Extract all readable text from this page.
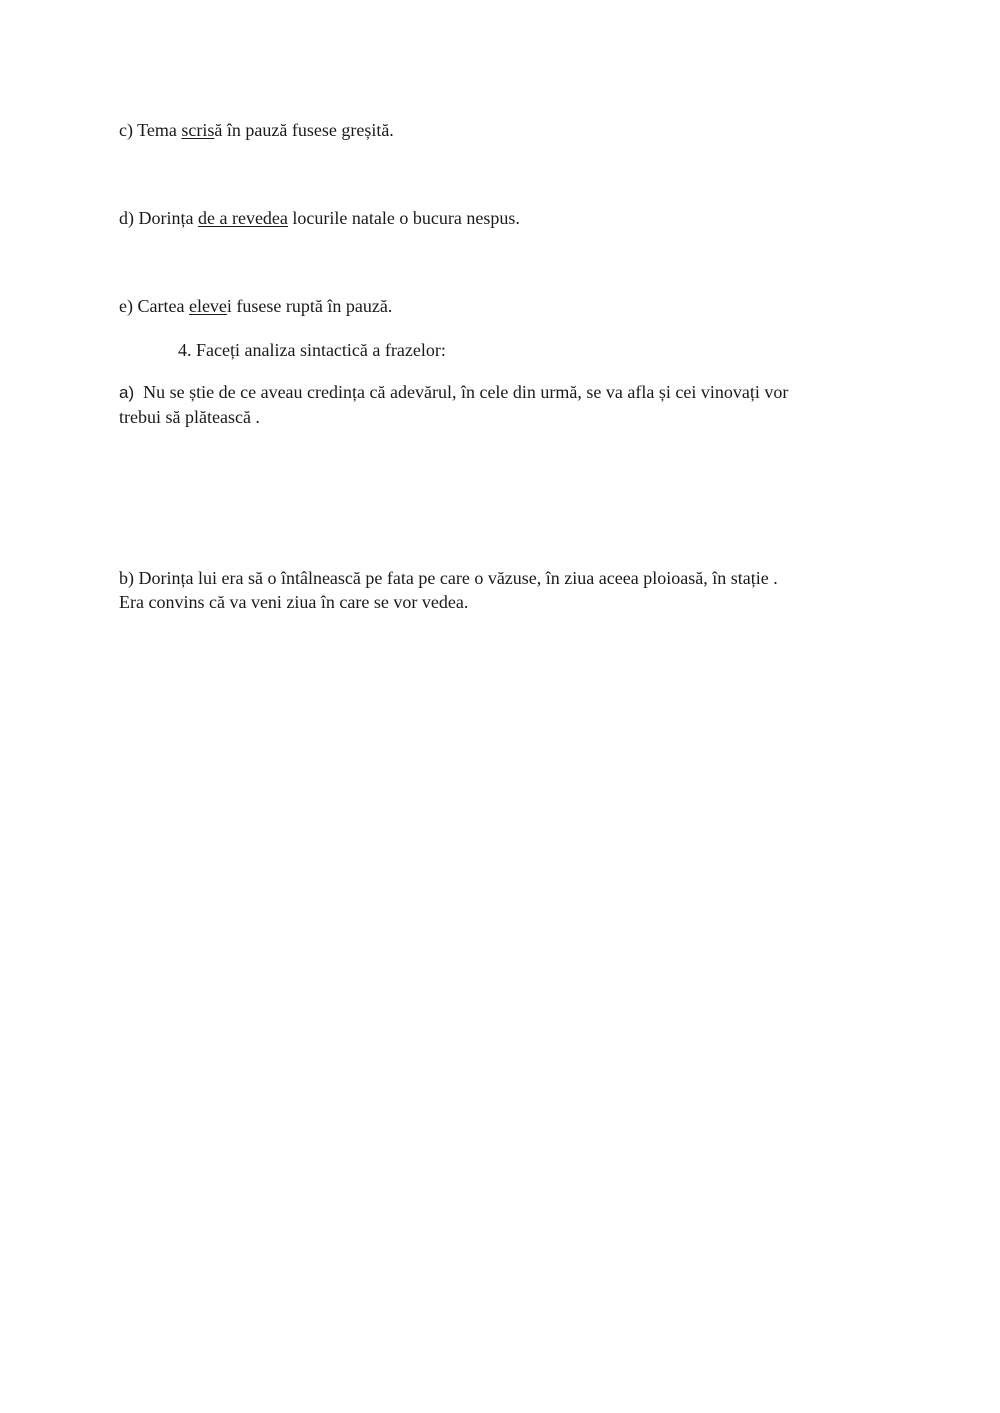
c) Tema scrisă în pauză fusese greșită.
d) Dorința de a revedea locurile natale o bucura nespus.
e) Cartea elevеi fusese ruptă în pauză.
4. Faceți analiza sintactică a frazelor:
a) Nu se știe de ce aveau credința că adevărul, în cele din urmă, se va afla și cei vinovați vor
trebui să plătească .
b) Dorința lui era să o întâlnească pe fata pe care o văzuse, în ziua aceea ploioasă, în stație .
Era convins că va veni ziua în care se vor vedea.
